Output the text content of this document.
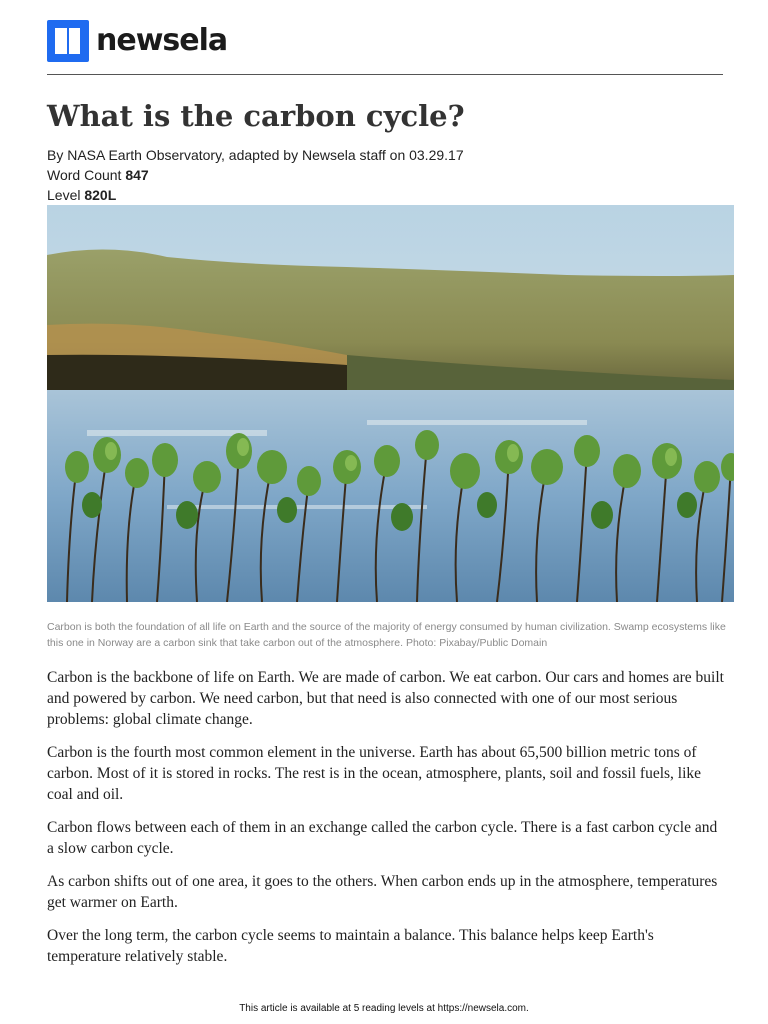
newsela
What is the carbon cycle?
By NASA Earth Observatory, adapted by Newsela staff on 03.29.17
Word Count 847
Level 820L
Carbon is both the foundation of all life on Earth and the source of the majority of energy consumed by human civilization. Swamp ecosystems like this one in Norway are a carbon sink that take carbon out of the atmosphere. Photo: Pixabay/Public Domain

Carbon is the backbone of life on Earth. We are made of carbon. We eat carbon. Our cars and homes are built and powered by carbon. We need carbon, but that need is also connected with one of our most serious problems: global climate change.

Carbon is the fourth most common element in the universe. Earth has about 65,500 billion metric tons of carbon. Most of it is stored in rocks. The rest is in the ocean, atmosphere, plants, soil and fossil fuels, like coal and oil.

Carbon flows between each of them in an exchange called the carbon cycle. There is a fast carbon cycle and a slow carbon cycle.

As carbon shifts out of one area, it goes to the others. When carbon ends up in the atmosphere, temperatures get warmer on Earth.

Over the long term, the carbon cycle seems to maintain a balance. This balance helps keep Earth's temperature relatively stable.

This article is available at 5 reading levels at https://newsela.com.
